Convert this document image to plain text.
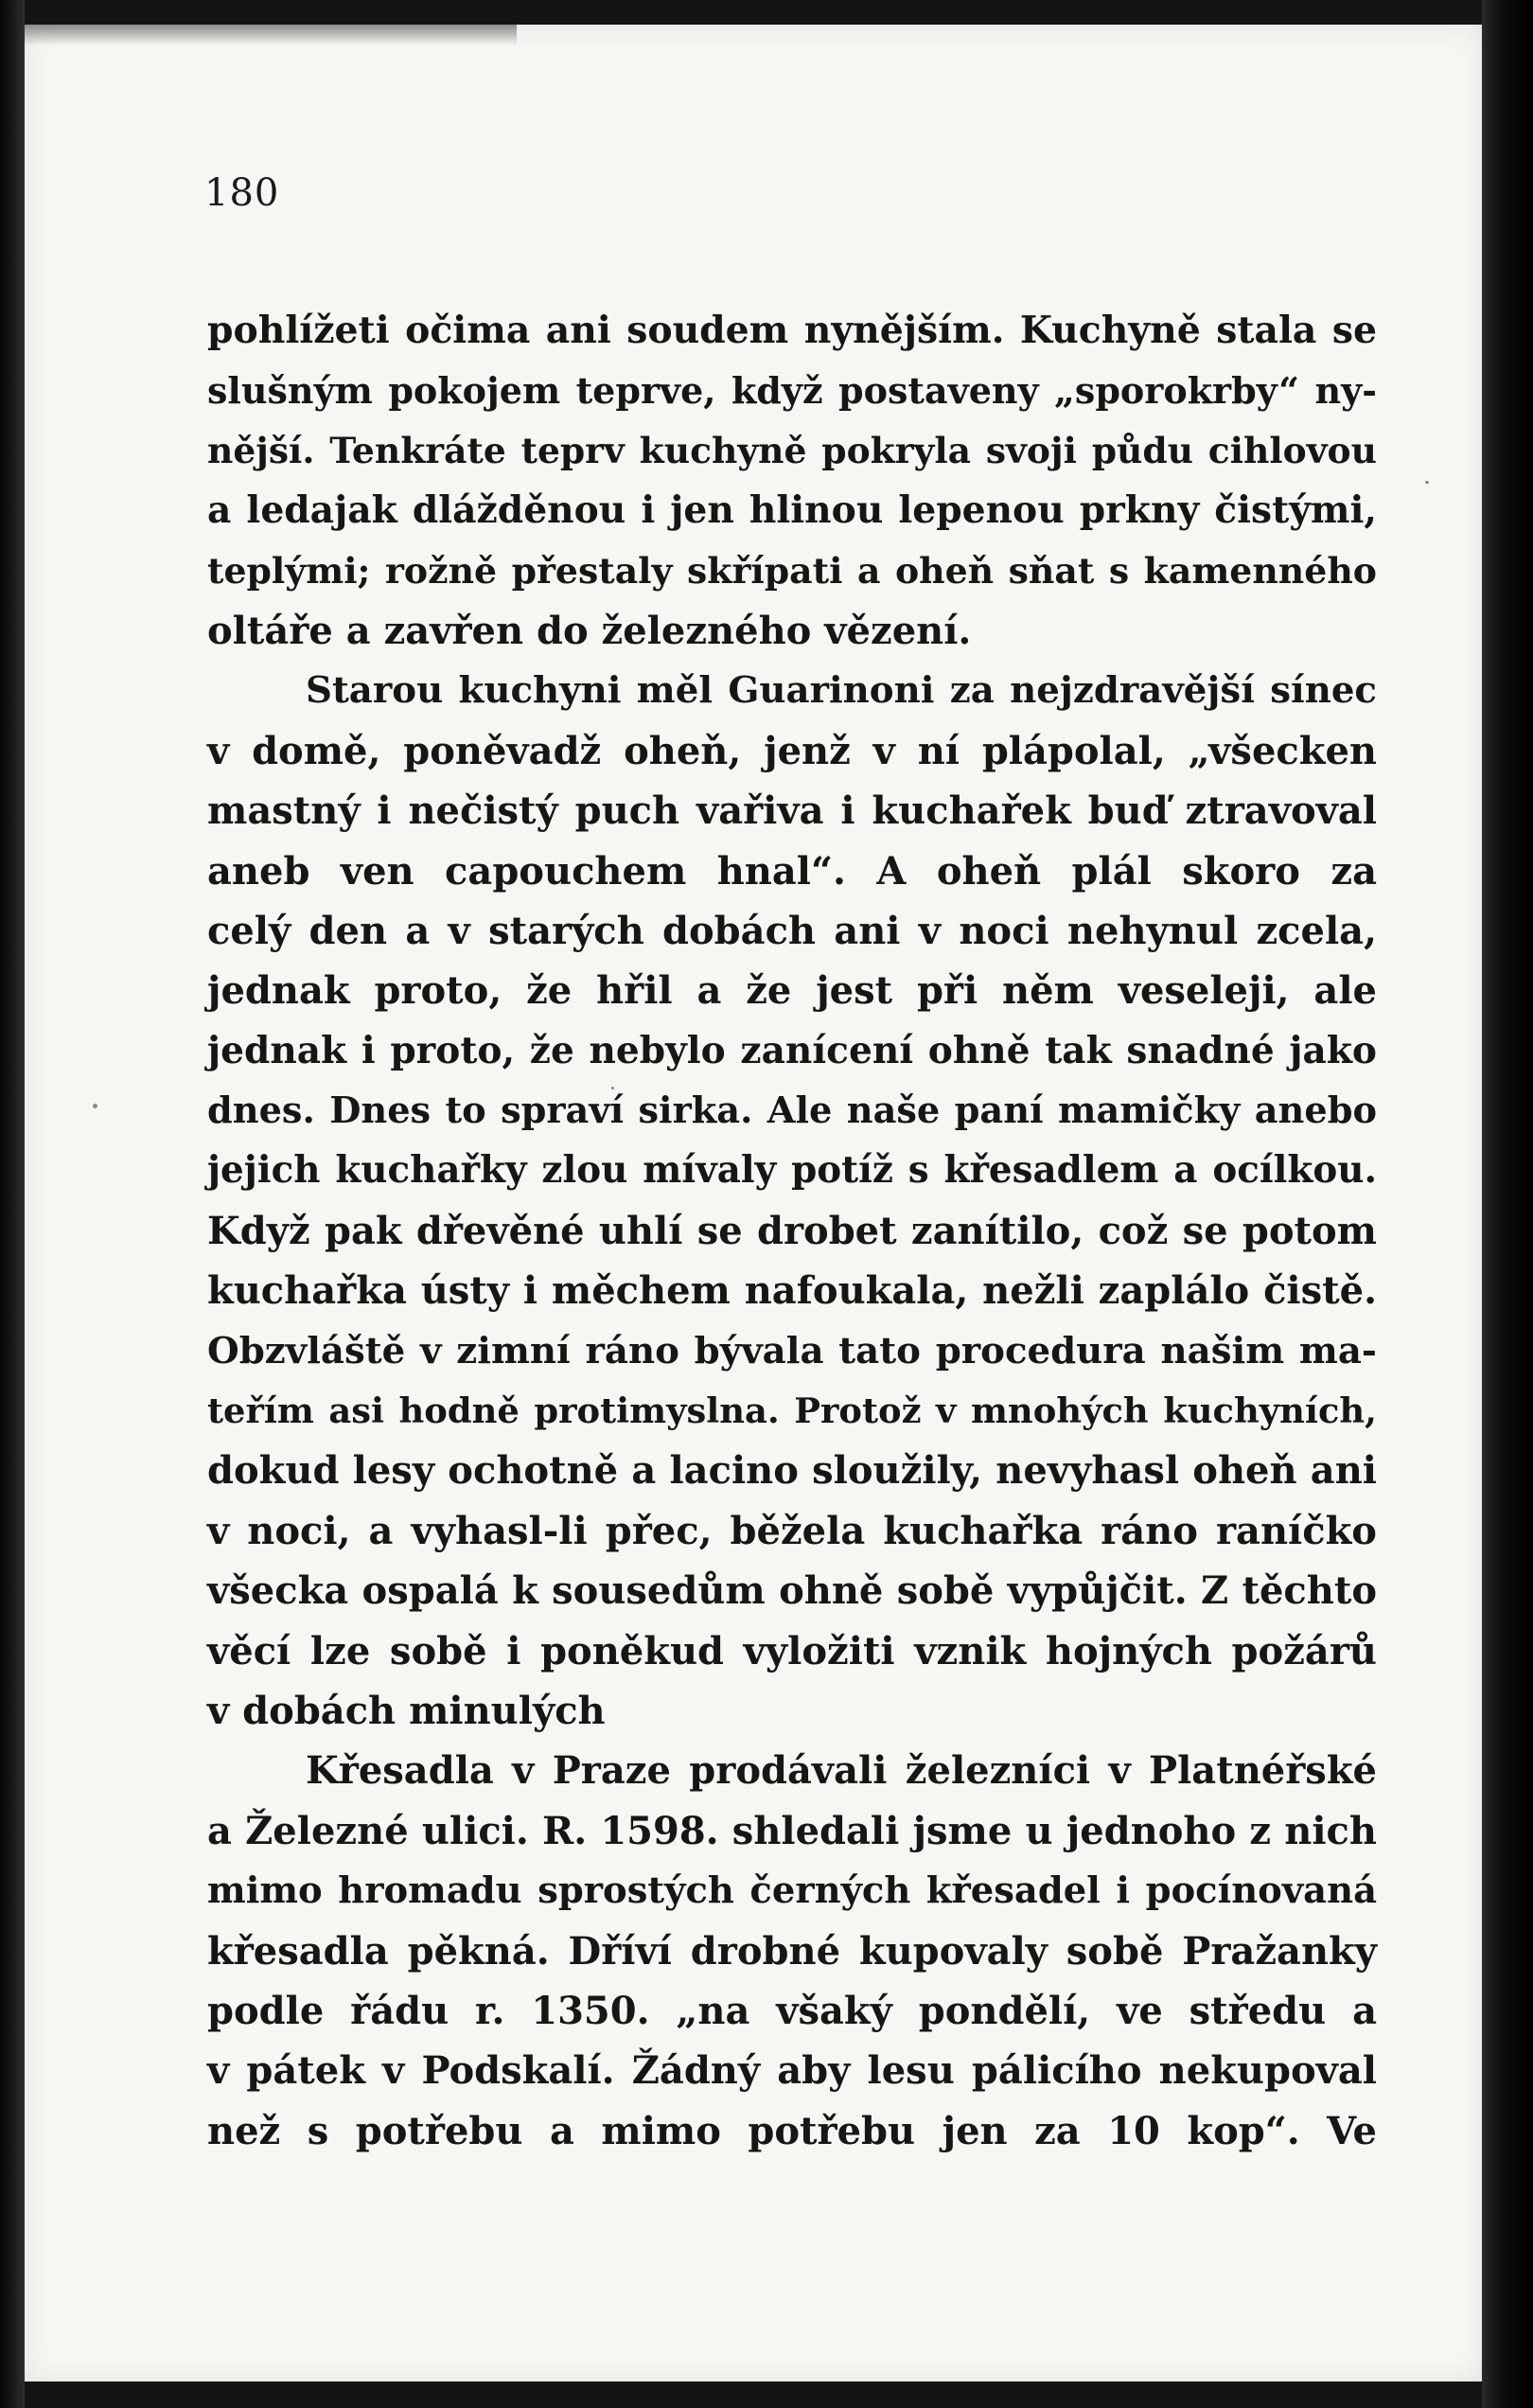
180
pohlížeti očima ani soudem nynějším. Kuchyně stala se
slušným pokojem teprve, když postaveny „sporokrby“ ny-
nější. Tenkráte teprv kuchyně pokryla svoji půdu cihlovou
a ledajak dlážděnou i jen hlinou lepenou prkny čistými,
teplými; rožně přestaly skřípati a oheň sňat s kamenného
oltáře a zavřen do železného vězení.
Starou kuchyni měl Guarinoni za nejzdravější sínec
v domě, poněvadž oheň, jenž v ní plápolal, „všecken
mastný i nečistý puch vařiva i kuchařek buď ztravoval
aneb ven capouchem hnal“. A oheň plál skoro za
celý den a v starých dobách ani v noci nehynul zcela,
jednak proto, že hřil a že jest při něm veseleji, ale
jednak i proto, že nebylo zanícení ohně tak snadné jako
dnes. Dnes to spraví sirka. Ale naše paní mamičky anebo
jejich kuchařky zlou mívaly potíž s křesadlem a ocílkou.
Když pak dřevěné uhlí se drobet zanítilo, což se potom
kuchařka ústy i měchem nafoukala, nežli zaplálo čistě.
Obzvláště v zimní ráno bývala tato procedura našim ma-
teřím asi hodně protimyslna. Protož v mnohých kuchyních,
dokud lesy ochotně a lacino sloužily, nevyhasl oheň ani
v noci, a vyhasl-li přec, běžela kuchařka ráno raníčko
všecka ospalá k sousedům ohně sobě vypůjčit. Z těchto
věcí lze sobě i poněkud vyložiti vznik hojných požárů
v dobách minulých
Křesadla v Praze prodávali železníci v Platnéřské
a Železné ulici. R. 1598. shledali jsme u jednoho z nich
mimo hromadu sprostých černých křesadel i pocínovaná
křesadla pěkná. Dříví drobné kupovaly sobě Pražanky
podle řádu r. 1350. „na všaký pondělí, ve středu a
v pátek v Podskalí. Žádný aby lesu pálicího nekupoval
než s potřebu a mimo potřebu jen za 10 kop“. Ve
